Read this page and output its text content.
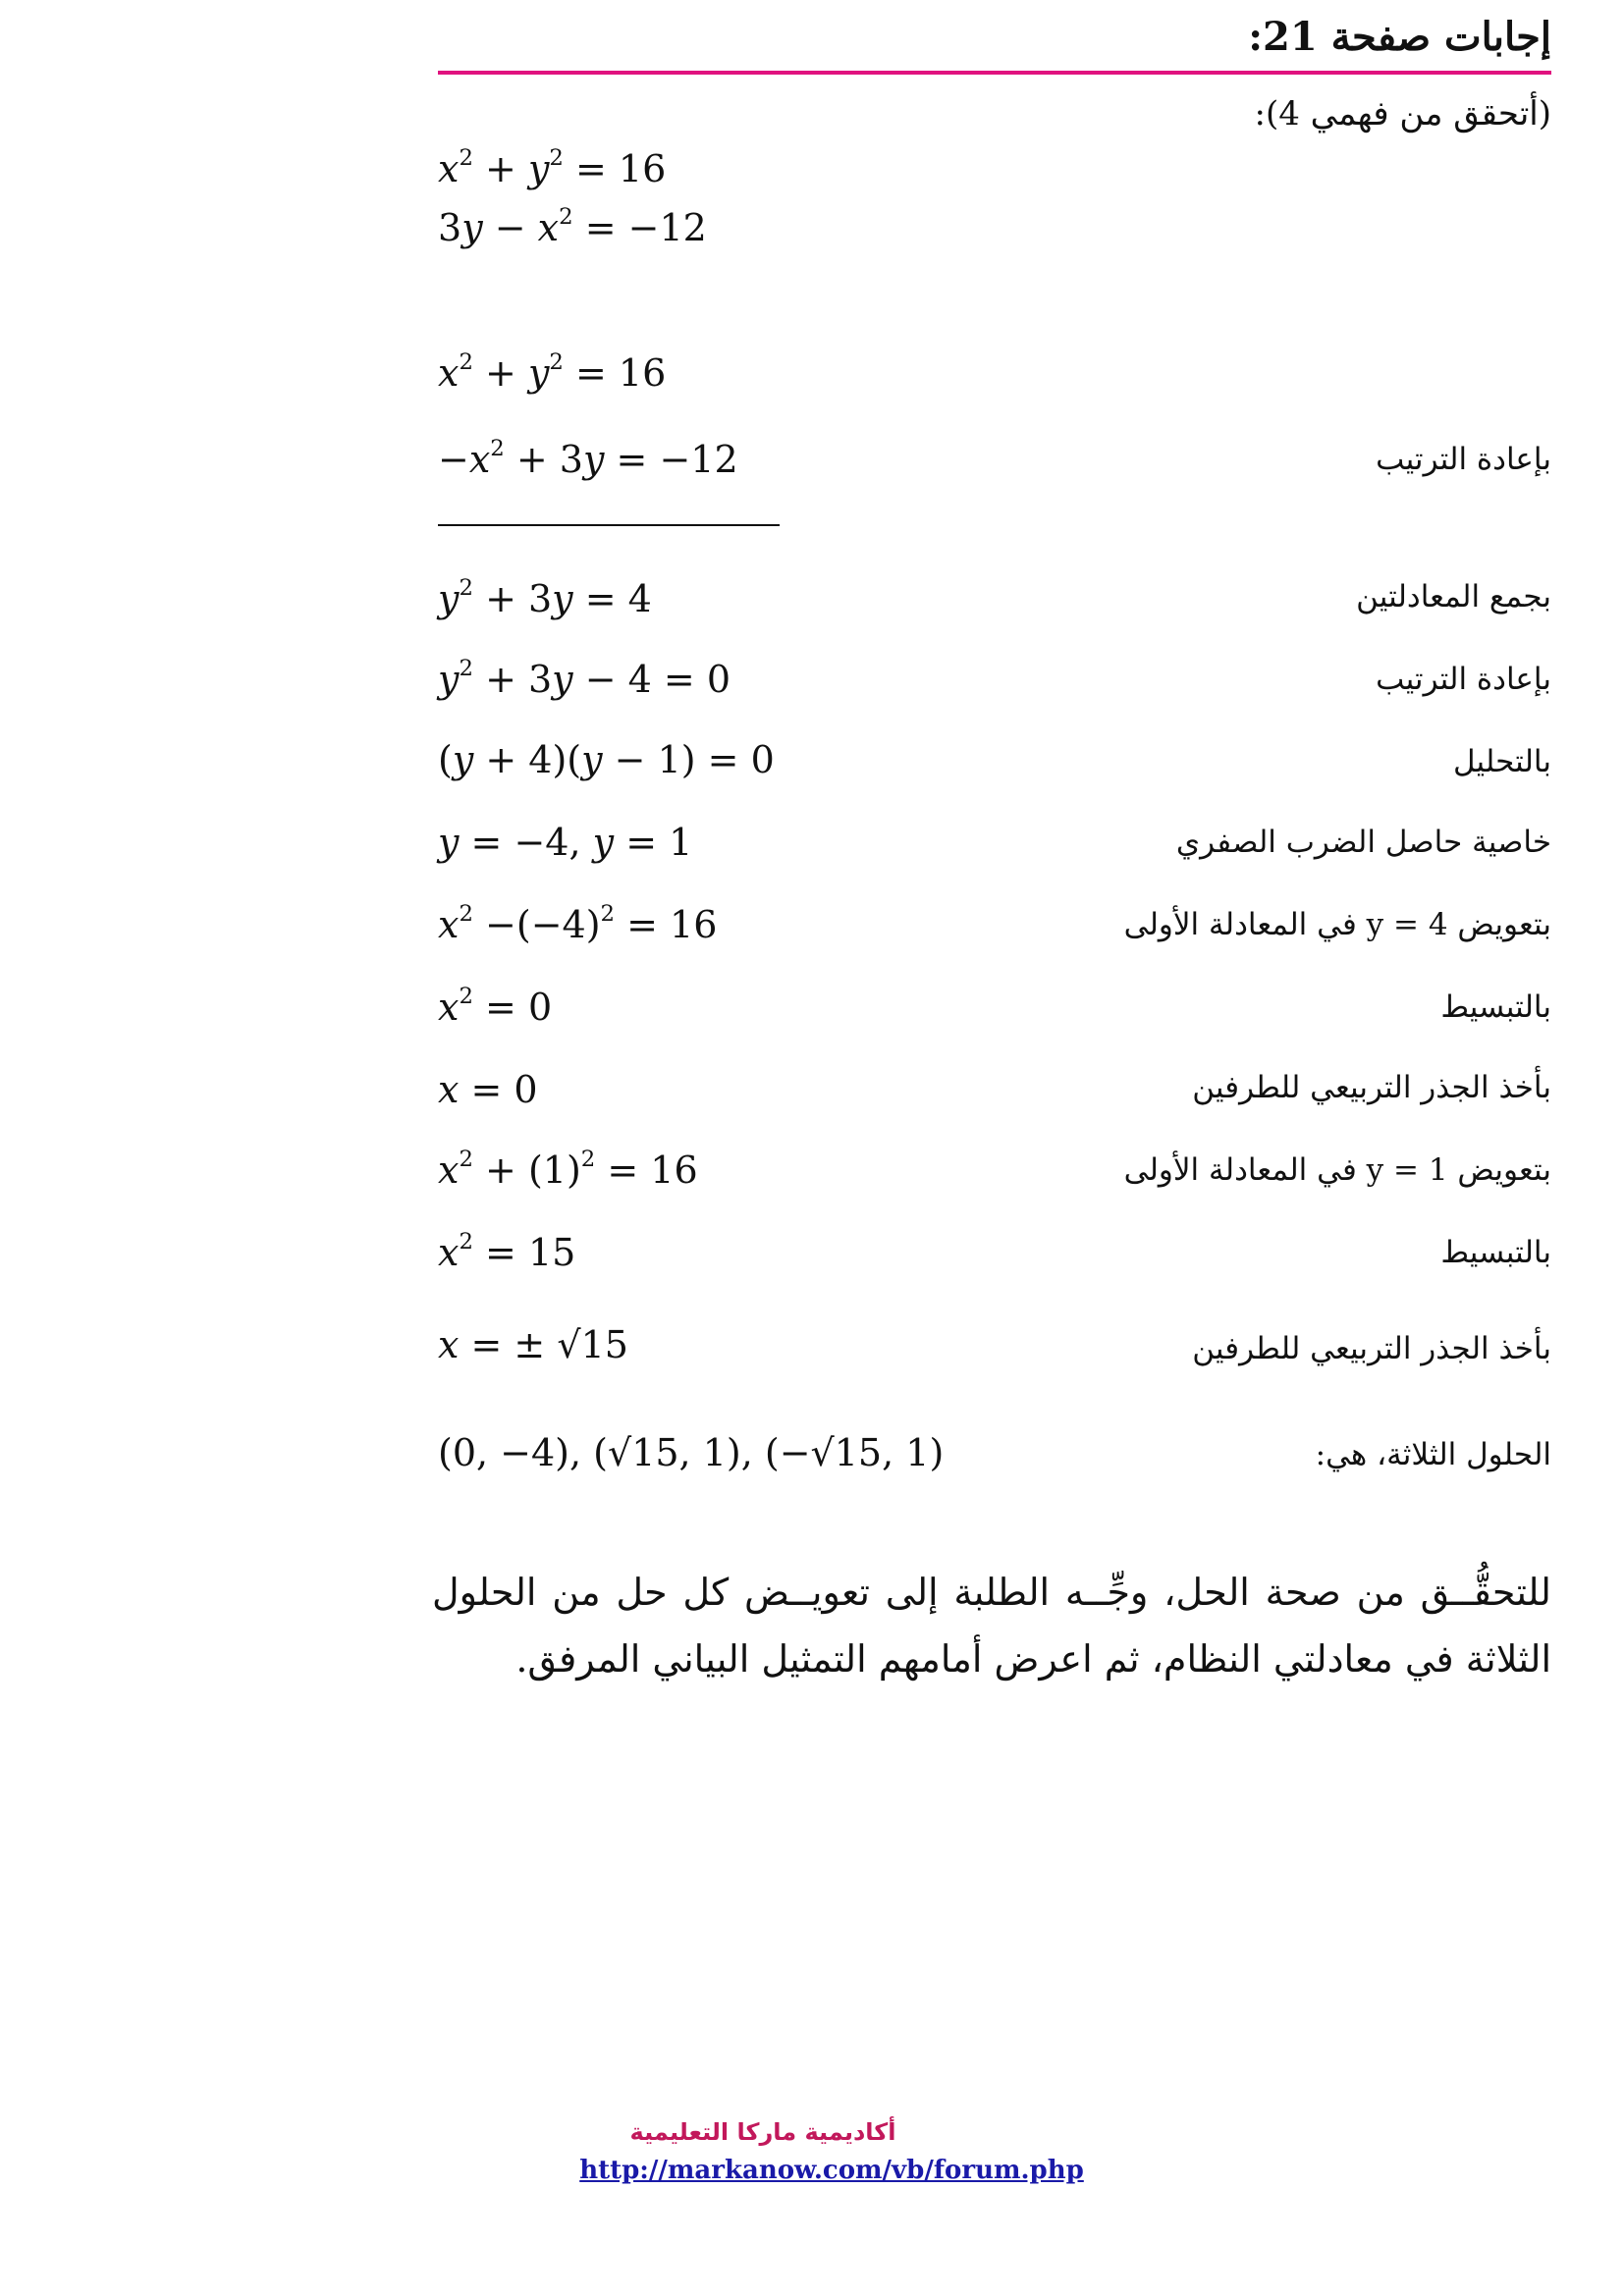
إجابات صفحة 21:
(أتحقق من فهمي 4):
$x^2 + y^2 = 16$
$3y - x^2 = -12$
$x^2 + y^2 = 16$
$-x^2 + 3y = -12$	بإعادة الترتيب
$y^2 + 3y = 4$	بجمع المعادلتين
$y^2 + 3y - 4 = 0$	بإعادة الترتيب
(y + 4)(y − 1) = 0	بالتحليل
y = −4, y = 1	خاصية حاصل الضرب الصفري
$x^2 -(-4)^2 = 16$	بتعويض 4 = y في المعادلة الأولى
$x^2 = 0$	بالتبسيط
x = 0	بأخذ الجذر التربيعي للطرفين
$x^2 + (1)^2 = 16$	بتعويض 1 = y في المعادلة الأولى
$x^2 = 15$	بالتبسيط
x = ± √15	بأخذ الجذر التربيعي للطرفين
(0, −4), (√15, 1), (−√15, 1)	الحلول الثلاثة، هي:
للتحقُّــق من صحة الحل، وجِّــه الطلبة إلى تعويــض كل حل من الحلول الثلاثة في معادلتي النظام، ثم اعرض أمامهم التمثيل البياني المرفق.
أكاديمية ماركا التعليمية
http://markanow.com/vb/forum.php
